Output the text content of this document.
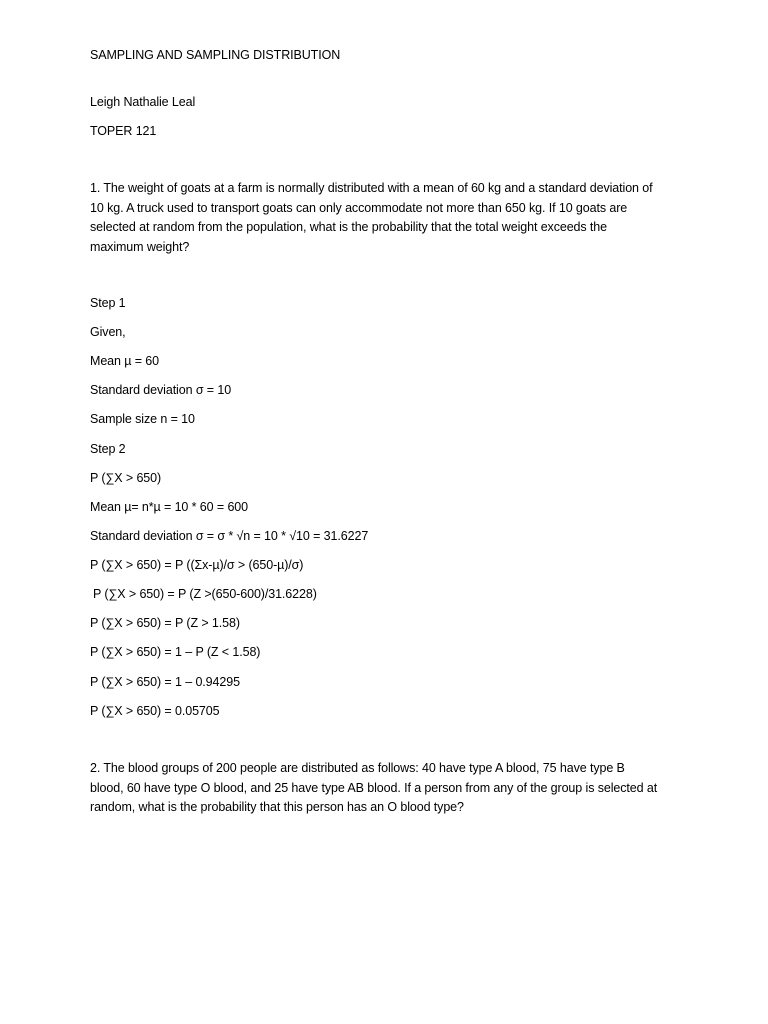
SAMPLING AND SAMPLING DISTRIBUTION
Leigh Nathalie Leal
TOPER 121
1. The weight of goats at a farm is normally distributed with a mean of 60 kg and a standard deviation of
10 kg. A truck used to transport goats can only accommodate not more than 650 kg. If 10 goats are
selected at random from the population, what is the probability that the total weight exceeds the
maximum weight?
Step 1
Given,
Mean µ = 60
Standard deviation σ = 10
Sample size n = 10
Step 2
P (∑X > 650)
Mean µ= n*µ = 10 * 60 = 600
Standard deviation σ = σ * √n = 10 * √10 = 31.6227
P (∑X > 650) = P ((Σx-µ)/σ > (650-µ)/σ)
P (∑X > 650) = P (Z >(650-600)/31.6228)
P (∑X > 650) = P (Z > 1.58)
P (∑X > 650) = 1 – P (Z < 1.58)
P (∑X > 650) = 1 – 0.94295
P (∑X > 650) = 0.05705
2. The blood groups of 200 people are distributed as follows: 40 have type A blood, 75 have type B
blood, 60 have type O blood, and 25 have type AB blood. If a person from any of the group is selected at
random, what is the probability that this person has an O blood type?
